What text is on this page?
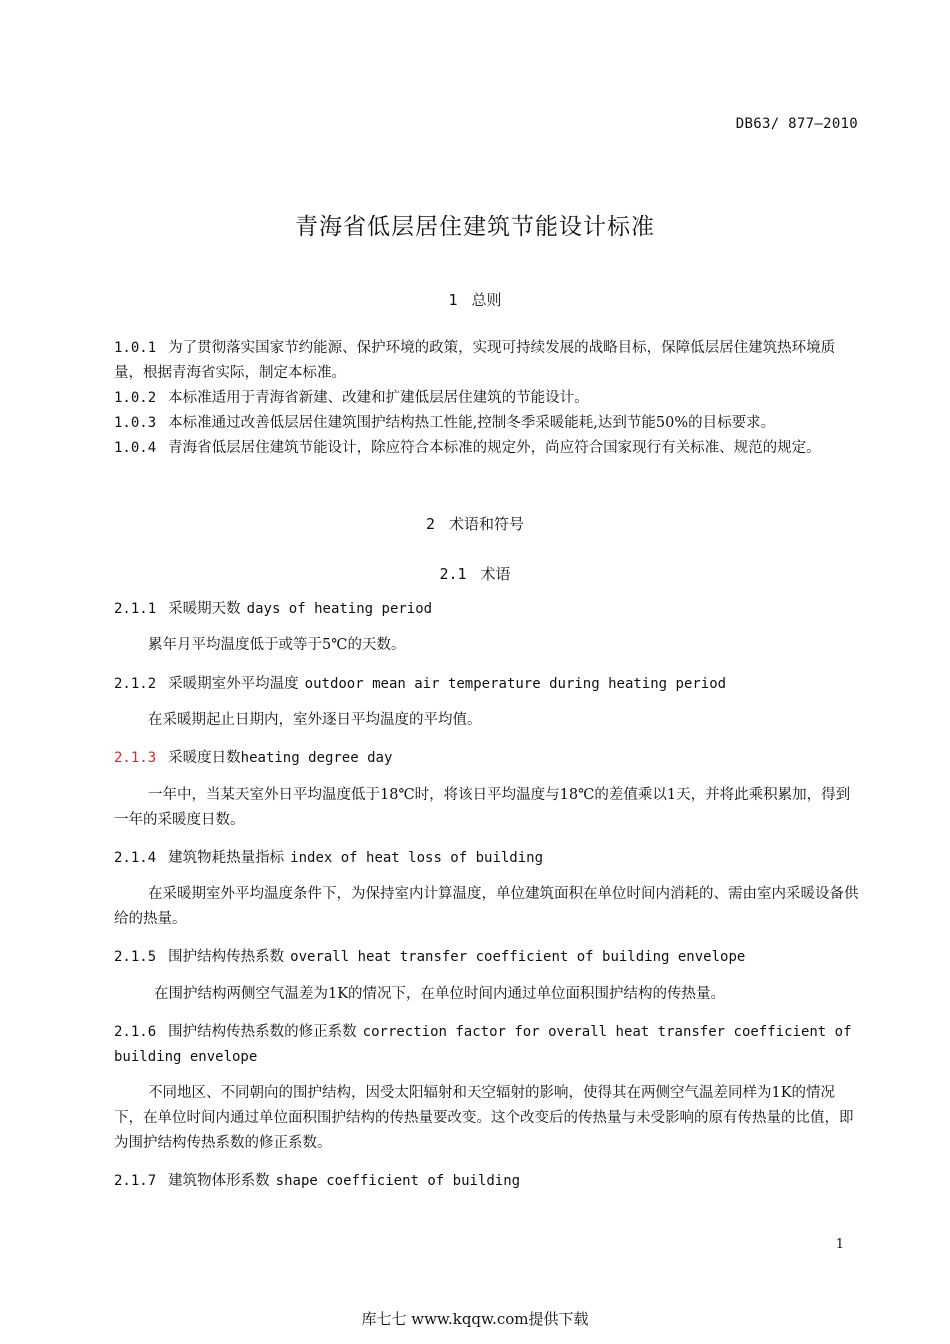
DB63/ 877—2010
青海省低层居住建筑节能设计标准
1 总则
1.0.1 为了贯彻落实国家节约能源、保护环境的政策，实现可持续发展的战略目标，保障低层居住建筑热环境质量，根据青海省实际，制定本标准。
1.0.2 本标准适用于青海省新建、改建和扩建低层居住建筑的节能设计。
1.0.3 本标准通过改善低层居住建筑围护结构热工性能,控制冬季采暖能耗,达到节能50%的目标要求。
1.0.4 青海省低层居住建筑节能设计，除应符合本标准的规定外，尚应符合国家现行有关标准、规范的规定。
2 术语和符号
2.1 术语
2.1.1 采暖期天数 days of heating period
累年月平均温度低于或等于5℃的天数。
2.1.2 采暖期室外平均温度 outdoor mean air temperature during heating period
在采暖期起止日期内，室外逐日平均温度的平均值。
2.1.3 采暖度日数heating degree day
一年中，当某天室外日平均温度低于18℃时，将该日平均温度与18℃的差值乘以1天，并将此乘积累加，得到一年的采暖度日数。
2.1.4 建筑物耗热量指标 index of heat loss of building
在采暖期室外平均温度条件下，为保持室内计算温度，单位建筑面积在单位时间内消耗的、需由室内采暖设备供给的热量。
2.1.5 围护结构传热系数 overall heat transfer coefficient of building envelope
在围护结构两侧空气温差为1K的情况下，在单位时间内通过单位面积围护结构的传热量。
2.1.6 围护结构传热系数的修正系数 correction factor for overall heat transfer coefficient of building envelope
不同地区、不同朝向的围护结构，因受太阳辐射和天空辐射的影响，使得其在两侧空气温差同样为1K的情况下，在单位时间内通过单位面积围护结构的传热量要改变。这个改变后的传热量与未受影响的原有传热量的比值，即为围护结构传热系数的修正系数。
2.1.7 建筑物体形系数 shape coefficient of building
1
库七七 www.kqqw.com提供下载
